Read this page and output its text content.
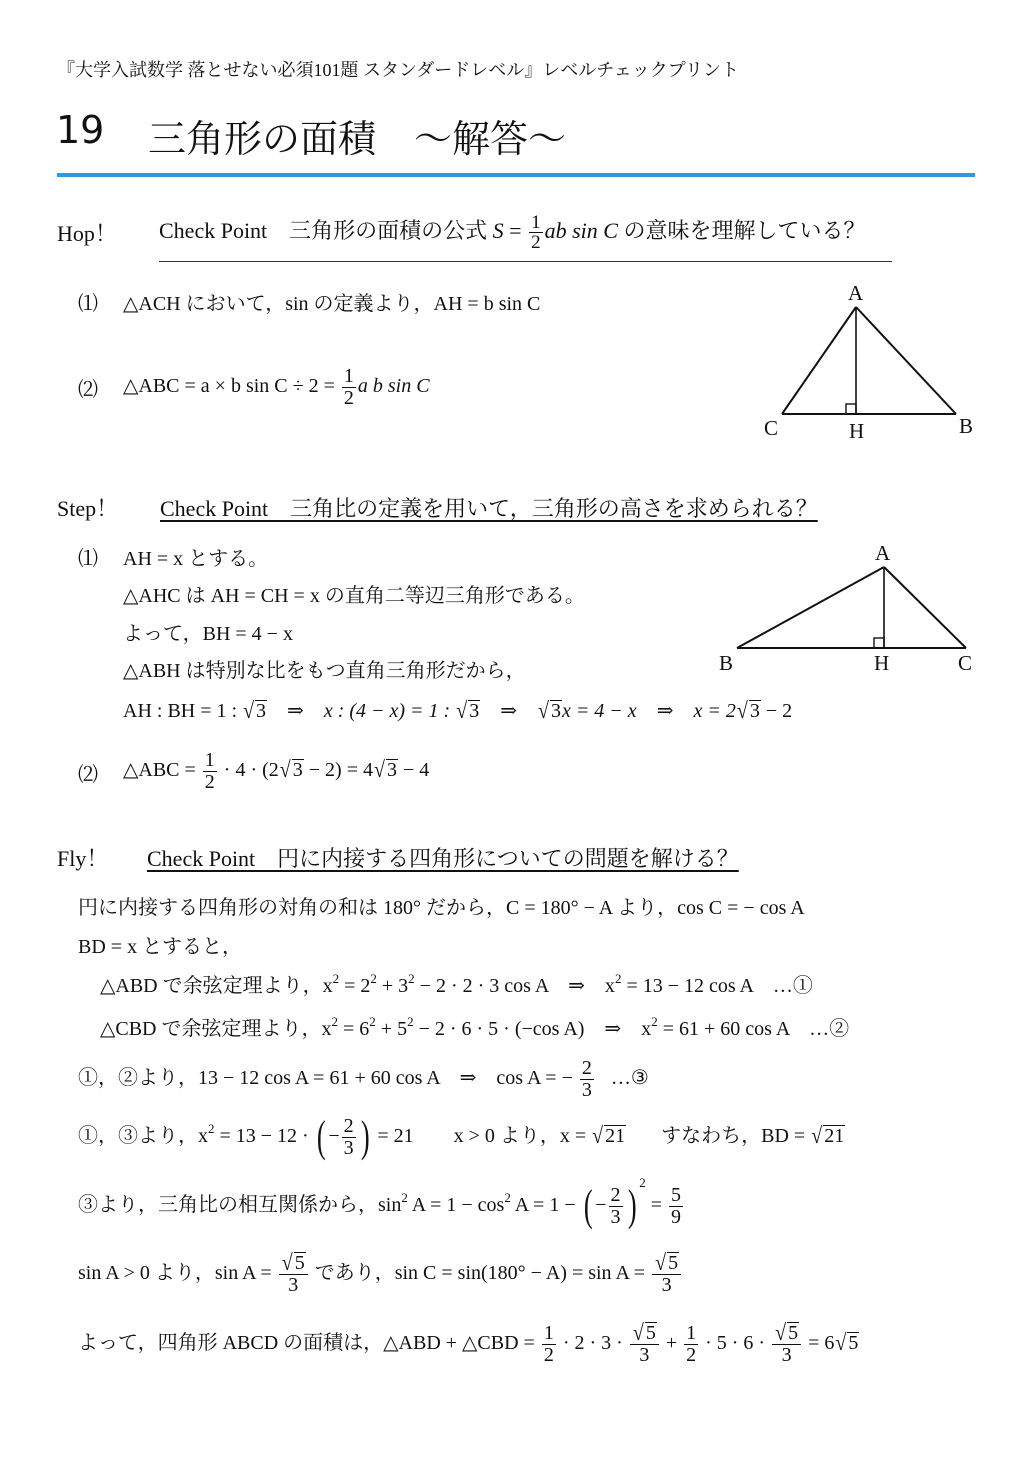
『大学入試数学 落とせない必須101題 スタンダードレベル』レベルチェックプリント
19 三角形の面積　〜解答〜
Hop！ Check Point　三角形の面積の公式 $S = \frac{1}{2}$ ab sin C の意味を理解している？
⑴ △ACH において，sin の定義より，AH = b sin C
⑵ △ABC = a × b $\sin C \div 2 = \frac{1}{2}$ a b sin C
A
C	H	B
Step！ Check Point　三角比の定義を用いて，三角形の高さを求められる？
⑴ AH = x とする。
△AHC は AH = CH = x の直角二等辺三角形である。
よって，BH = 4 − x
△ABH は特別な比をもつ直角三角形だから，
AH : BH = 1 : √ 3 ⇒ x : (4 − x) = 1 : √ 3 ⇒ √ 3x = 4 − x ⇒ x = 2√ 3 − 2
⑵ △ABC = $\frac{1}{2} \cdot 4 \cdot (2√$ 3 − 2) = 4√ 3 − 4
A
B	H	C
Fly！ Check Point　円に内接する四角形についての問題を解ける？
円に内接する四角形の対角の和は 180° だから，C = 180° − A より，cos C = − cos A
BD = x とすると，
△ABD で余弦定理より，$x^2 = 2^2 + 3^2 - 2 \cdot 2 \cdot 3$ cos A　⇒　$x^2 = 13 - 12$ cos A　…①
△CBD で余弦定理より，$x^2 = 6^2 + 5^2 - 2 \cdot 6 \cdot 5 \cdot (-\cos$ A)　⇒　$x^2 = 61 + 60$ cos A　…②
①，②より，13 − 12 cos A = 61 + 60 cos A　⇒　cos A = − $\frac{2}{3}$ …③
①，③より，$x^2 = 13 - 12$ · ( − $\frac{2}{3}$ ) = 21　　x > 0 より，x = √ 21 すなわち，BD = √ 21
③より，三角比の相互関係から，$\sin^2 A = 1 - \cos^2 A = 1$ − ( − $\frac{2}{3}$ ) $^2 = \frac{5}{9}$
sin A > 0 より，$\sin A = \frac{√ 5}{3}$ であり，$\sin C = \sin(180^\circ - A) = \sin A = \frac{√ 5}{3}$
よって，四角形 ABCD の面積は，△ABD + △CBD = $\frac{1}{2} \cdot 2 \cdot 3 \cdot \frac{√ 5}{3} + \frac{1}{2} \cdot 5 \cdot 6 \cdot \frac{√ 5}{3} = 6√$ 5
